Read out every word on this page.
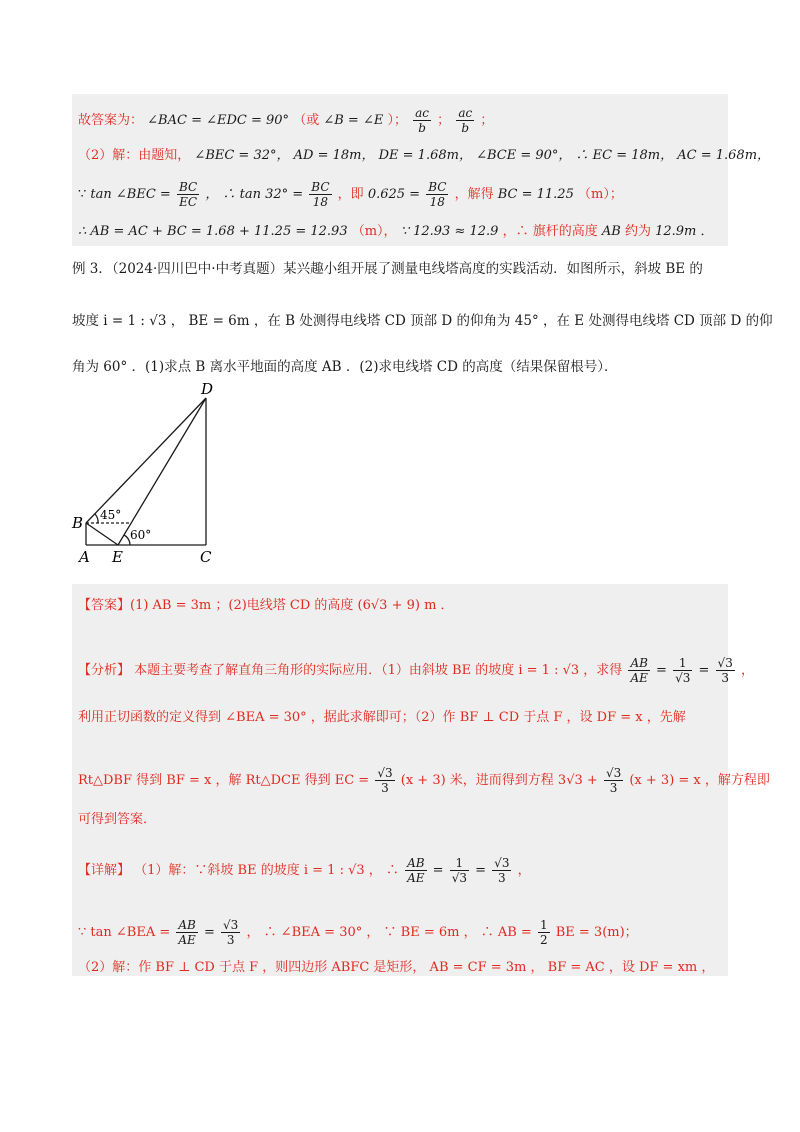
故答案为： ∠BAC = ∠EDC = 90° （或 ∠B = ∠E ）； $\frac{ac}{b}$ ； $\frac{ac}{b}$ ；
（2）解：由题知， ∠BEC = 32°， AD = 18m， DE = 1.68m， ∠BCE = 90°， ∴ EC = 18m， AC = 1.68m，
∵ tan ∠BEC = $\frac{BC}{EC}$ ， ∴ $\tan 32^\circ = \frac{BC}{18}$ ，即 $0.625 = \frac{BC}{18}$ ，解得 BC = 11.25 （m）；
∴ AB = AC + BC = 1.68 + 11.25 = 12.93 （m）， ∵ 12.93 ≈ 12.9 ，∴ 旗杆的高度 AB 约为 12.9m ．
例 3．（2024·四川巴中·中考真题）某兴趣小组开展了测量电线塔高度的实践活动．如图所示，斜坡 BE 的
坡度 i = 1 : √3 ， BE = 6m ，在 B 处测得电线塔 CD 顶部 D 的仰角为 45° ，在 E 处测得电线塔 CD 顶部 D 的仰
角为 60° ．(1)求点 B 离水平地面的高度 AB ．(2)求电线塔 CD 的高度（结果保留根号）．
D
B
A E	C
45°
60°
【答案】(1) AB = 3m ；(2)电线塔 CD 的高度 (6√3 + 9) m ．
【分析】 本题主要考查了解直角三角形的实际应用．（1）由斜坡 BE 的坡度 i = 1 : √3 ，求得 $\frac{AB}{AE} = \frac{1}{√3} = \frac{√3}{3}$ ，
利用正切函数的定义得到 ∠BEA = 30° ，据此求解即可；（2）作 BF ⊥ CD 于点 F ，设 DF = x ，先解
Rt△DBF 得到 BF = x ，解 Rt△DCE 得到 EC = $\frac{√3}{3} (x + 3)$ 米，进而得到方程 $3√3 + \frac{√3}{3} (x + 3) = x$ ，解方程即
可得到答案．
【详解】 （1）解：∵斜坡 BE 的坡度 i = 1 : √3 ， ∴ $\frac{AB}{AE} = \frac{1}{√3} = \frac{√3}{3}$ ，
∵ tan ∠BEA = $\frac{AB}{AE} = \frac{√3}{3}$ ， ∴ ∠BEA = 30° ， ∵ BE = 6m ， ∴ AB = $\frac{1}{2}$ BE = 3(m)；
（2）解：作 BF ⊥ CD 于点 F ，则四边形 ABFC 是矩形， AB = CF = 3m ， BF = AC ，设 DF = xm ，
